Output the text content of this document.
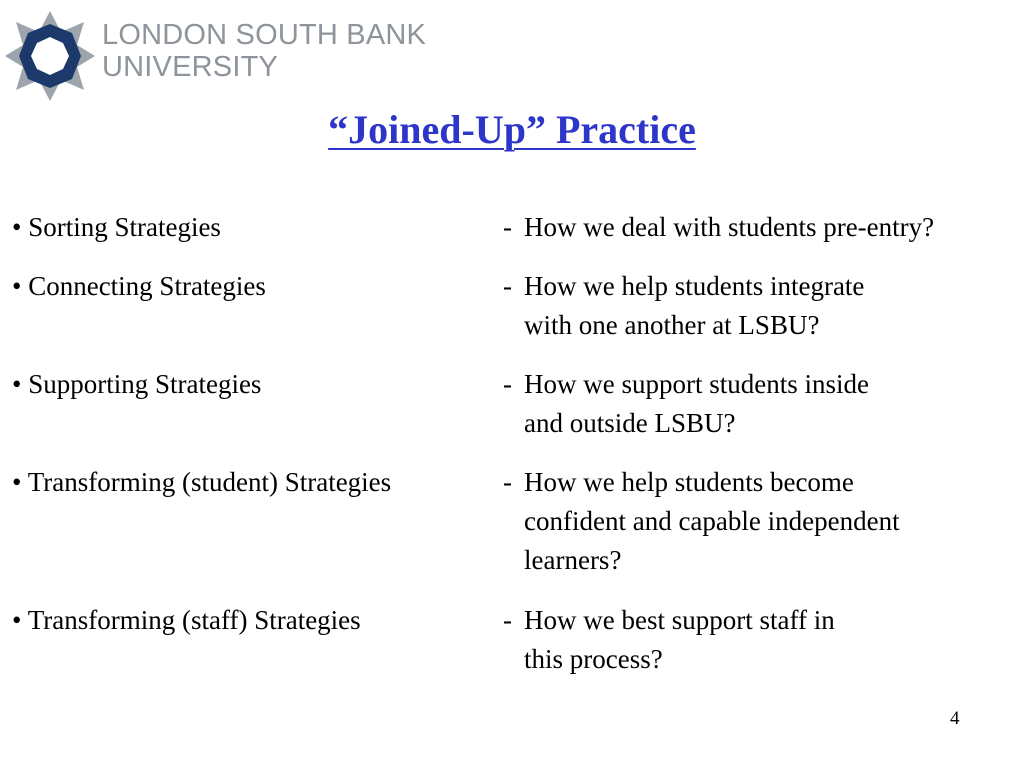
LONDON SOUTH BANK
UNIVERSITY
“Joined-Up” Practice
• Sorting Strategies	- How we deal with students pre-entry?
• Connecting Strategies	- How we help students integrate
with one another at LSBU?
• Supporting Strategies	- How we support students inside
and outside LSBU?
• Transforming (student) Strategies	- How we help students become
confident and capable independent
learners?
• Transforming (staff) Strategies	- How we best support staff in
this process?
4
